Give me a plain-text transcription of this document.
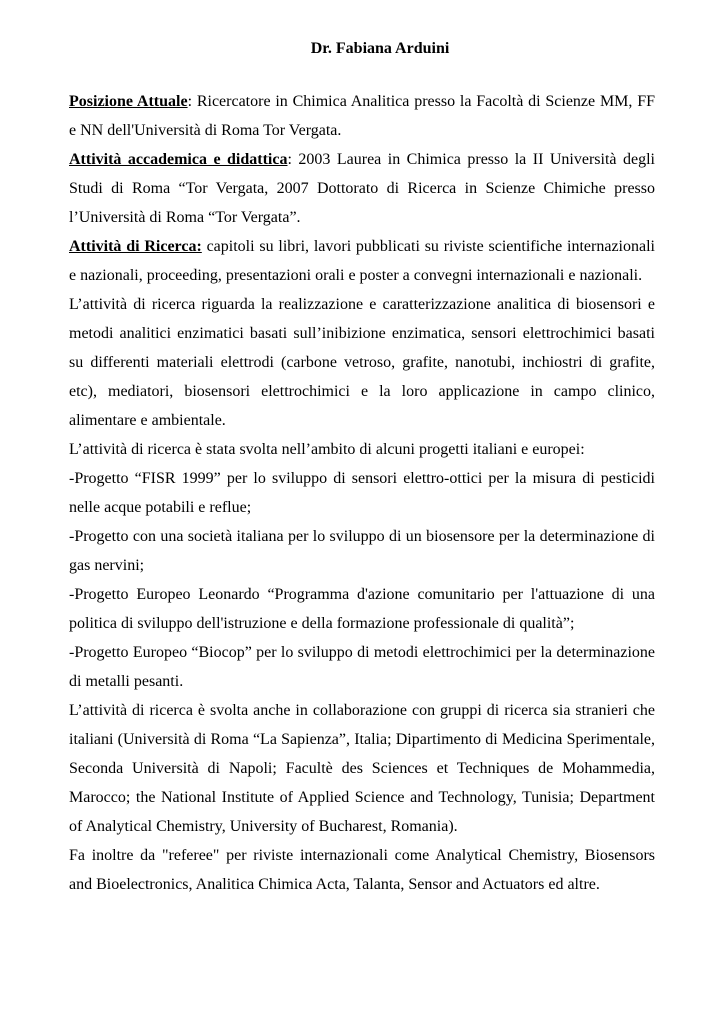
Dr. Fabiana Arduini

Posizione Attuale: Ricercatore in Chimica Analitica presso la Facoltà di Scienze MM, FF e NN dell'Università di Roma Tor Vergata.

Attività accademica e didattica: 2003 Laurea in Chimica presso la II Università degli Studi di Roma “Tor Vergata, 2007 Dottorato di Ricerca in Scienze Chimiche presso l’Università di Roma “Tor Vergata”.

Attività di Ricerca: capitoli su libri, lavori pubblicati su riviste scientifiche internazionali e nazionali, proceeding, presentazioni orali e poster a convegni internazionali e nazionali.

L’attività di ricerca riguarda la realizzazione e caratterizzazione analitica di biosensori e metodi analitici enzimatici basati sull’inibizione enzimatica, sensori elettrochimici basati su differenti materiali elettrodi (carbone vetroso, grafite, nanotubi, inchiostri di grafite, etc), mediatori, biosensori elettrochimici e la loro applicazione in campo clinico, alimentare e ambientale.

L’attività di ricerca è stata svolta nell’ambito di alcuni progetti italiani e europei:

-Progetto “FISR 1999” per lo sviluppo di sensori elettro-ottici per la misura di pesticidi nelle acque potabili e reflue;

-Progetto con una società italiana per lo sviluppo di un biosensore per la determinazione di gas nervini;

-Progetto Europeo Leonardo “Programma d'azione comunitario per l'attuazione di una politica di sviluppo dell'istruzione e della formazione professionale di qualità”;

-Progetto Europeo “Biocop” per lo sviluppo di metodi elettrochimici per la determinazione di metalli pesanti.

L’attività di ricerca è svolta anche in collaborazione con gruppi di ricerca sia stranieri che italiani (Università di Roma “La Sapienza”, Italia; Dipartimento di Medicina Sperimentale, Seconda Università di Napoli; Facultè des Sciences et Techniques de Mohammedia, Marocco; the National Institute of Applied Science and Technology, Tunisia; Department of Analytical Chemistry, University of Bucharest, Romania).

Fa inoltre da "referee" per riviste internazionali come Analytical Chemistry, Biosensors and Bioelectronics, Analitica Chimica Acta, Talanta, Sensor and Actuators ed altre.
